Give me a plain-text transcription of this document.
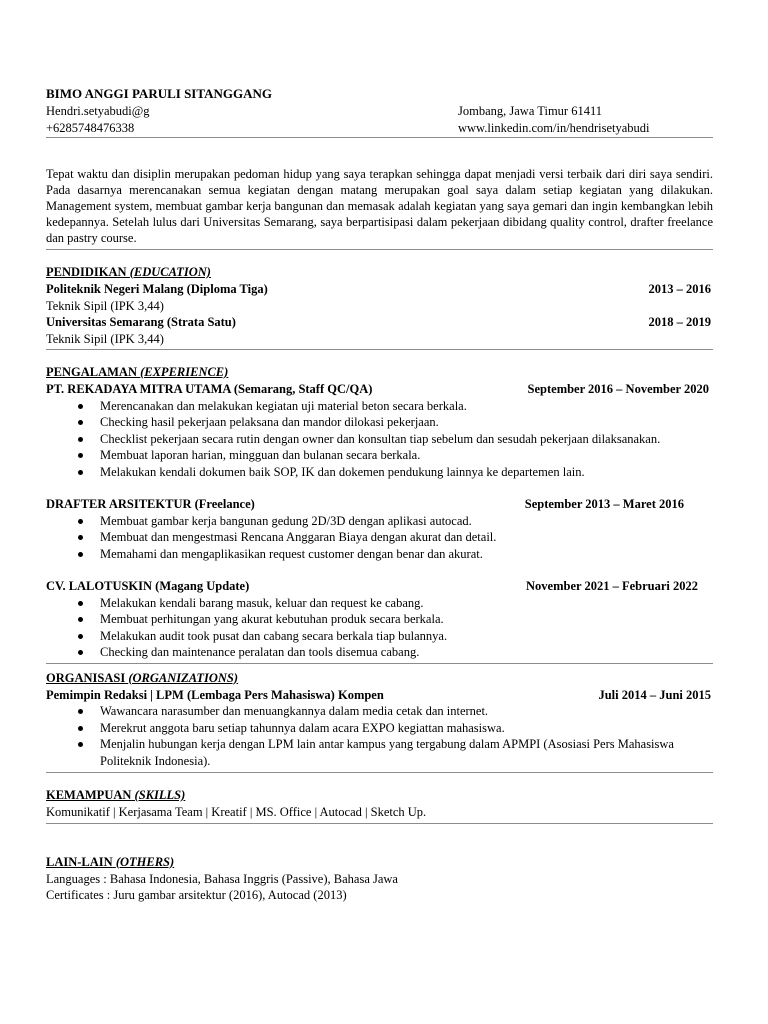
BIMO ANGGI PARULI SITANGGANG
Hendri.setyabudi@g	Jombang, Jawa Timur 61411
+6285748476338	www.linkedin.com/in/hendrisetyabudi

Tepat waktu dan disiplin merupakan pedoman hidup yang saya terapkan sehingga dapat menjadi versi terbaik dari diri saya sendiri. Pada dasarnya merencanakan semua kegiatan dengan matang merupakan goal saya dalam setiap kegiatan yang dilakukan. Management system, membuat gambar kerja bangunan dan memasak adalah kegiatan yang saya gemari dan ingin kembangkan lebih kedepannya. Setelah lulus dari Universitas Semarang, saya berpartisipasi dalam pekerjaan dibidang quality control, drafter freelance dan pastry course.

PENDIDIKAN (EDUCATION)
Politeknik Negeri Malang (Diploma Tiga)	2013 – 2016
Teknik Sipil (IPK 3,44)
Universitas Semarang (Strata Satu)	2018 – 2019
Teknik Sipil (IPK 3,44)
PENGALAMAN (EXPERIENCE)
PT. REKADAYA MITRA UTAMA (Semarang, Staff QC/QA)	September 2016 – November 2020
Merencanakan dan melakukan kegiatan uji material beton secara berkala.
Checking hasil pekerjaan pelaksana dan mandor dilokasi pekerjaan.
Checklist pekerjaan secara rutin dengan owner dan konsultan tiap sebelum dan sesudah pekerjaan dilaksanakan.
Membuat laporan harian, mingguan dan bulanan secara berkala.
Melakukan kendali dokumen baik SOP, IK dan dokemen pendukung lainnya ke departemen lain.
DRAFTER ARSITEKTUR (Freelance)	September 2013 – Maret 2016
Membuat gambar kerja bangunan gedung 2D/3D dengan aplikasi autocad.
Membuat dan mengestmasi Rencana Anggaran Biaya dengan akurat dan detail.
Memahami dan mengaplikasikan request customer dengan benar dan akurat.
CV. LALOTUSKIN (Magang Update)	November 2021 – Februari 2022
Melakukan kendali barang masuk, keluar dan request ke cabang.
Membuat perhitungan yang akurat kebutuhan produk secara berkala.
Melakukan audit took pusat dan cabang secara berkala tiap bulannya.
Checking dan maintenance peralatan dan tools disemua cabang.
ORGANISASI (ORGANIZATIONS)
Pemimpin Redaksi | LPM (Lembaga Pers Mahasiswa) Kompen	Juli 2014 – Juni 2015
Wawancara narasumber dan menuangkannya dalam media cetak dan internet.
Merekrut anggota baru setiap tahunnya dalam acara EXPO kegiattan mahasiswa.
Menjalin hubungan kerja dengan LPM lain antar kampus yang tergabung dalam APMPI (Asosiasi Pers Mahasiswa Politeknik Indonesia).
KEMAMPUAN (SKILLS)
Komunikatif | Kerjasama Team | Kreatif | MS. Office | Autocad | Sketch Up.
LAIN-LAIN (OTHERS)
Languages : Bahasa Indonesia, Bahasa Inggris (Passive), Bahasa Jawa
Certificates : Juru gambar arsitektur (2016), Autocad (2013)
